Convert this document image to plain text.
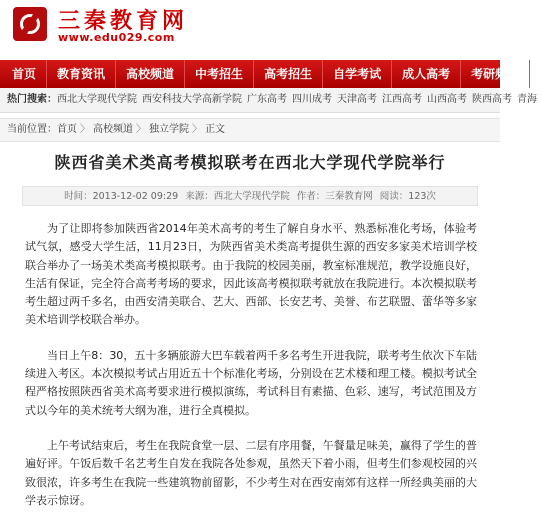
三秦教育网
www.edu029.com
首页 教育资讯 高校频道 中考招生 高考招生 自学考试 成人高考 考研频道
热门搜索：西北大学现代学院 西安科技大学高新学院 广东高考 四川成考 天津高考 江西高考 山西高考 陕西高考 青海
当前位置：首页 〉 高校频道 〉 独立学院 〉 正文
陕西省美术类高考模拟联考在西北大学现代学院举行
时间：2013-12-02 09:29 来源：西北大学现代学院 作者：三秦教育网 阅读：123次

为了让即将参加陕西省2014年美术高考的考生了解自身水平、熟悉标准化考场，体验考试气氛，感受大学生活，11月23日，为陕西省美术类高考提供生源的西安多家美术培训学校联合举办了一场美术类高考模拟联考。由于我院的校园美丽，教室标准规范，教学设施良好，生活有保证，完全符合高考考场的要求，因此该高考模拟联考就放在我院进行。本次模拟联考考生超过两千多名，由西安清美联合、艺大、西部、长安艺考、美誉、布艺联盟、蕾华等多家美术培训学校联合举办。

当日上午8：30，五十多辆旅游大巴车载着两千多名考生开进我院，联考考生依次下车陆续进入考区。本次模拟考试占用近五十个标准化考场，分别设在艺术楼和理工楼。模拟考试全程严格按照陕西省美术高考要求进行模拟演练，考试科目有素描、色彩、速写，考试范围及方式以今年的美术统考大纲为准，进行全真模拟。

上午考试结束后，考生在我院食堂一层、二层有序用餐，午餐量足味美，赢得了学生的普遍好评。午饭后数千名艺考生自发在我院各处参观，虽然天下着小雨，但考生们参观校园的兴致很浓，许多考生在我院一些建筑物前留影，不少考生对在西安南郊有这样一所经典美丽的大学表示惊讶。
